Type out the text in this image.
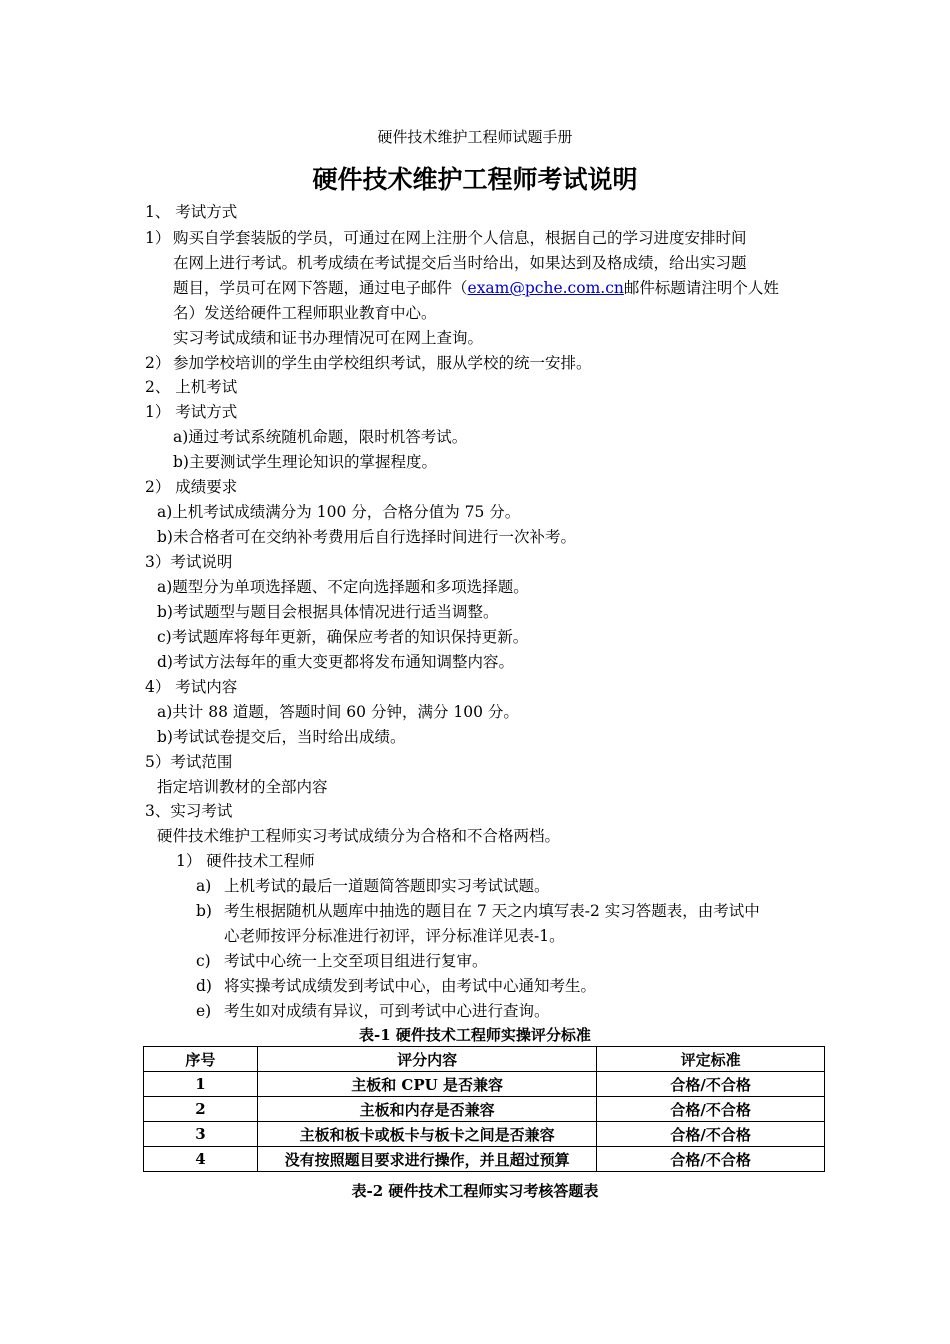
硬件技术维护工程师试题手册
硬件技术维护工程师考试说明
1、 考试方式
1） 购买自学套装版的学员，可通过在网上注册个人信息，根据自己的学习进度安排时间
在网上进行考试。机考成绩在考试提交后当时给出，如果达到及格成绩，给出实习题
题目，学员可在网下答题，通过电子邮件（exam@pche.com.cn邮件标题请注明个人姓
名）发送给硬件工程师职业教育中心。
实习考试成绩和证书办理情况可在网上查询。
2） 参加学校培训的学生由学校组织考试，服从学校的统一安排。
2、 上机考试
1） 考试方式
a)通过考试系统随机命题，限时机答考试。
b)主要测试学生理论知识的掌握程度。
2） 成绩要求
a)上机考试成绩满分为 100 分，合格分值为 75 分。
b)未合格者可在交纳补考费用后自行选择时间进行一次补考。
3）考试说明
a)题型分为单项选择题、不定向选择题和多项选择题。
b)考试题型与题目会根据具体情况进行适当调整。
c)考试题库将每年更新，确保应考者的知识保持更新。
d)考试方法每年的重大变更都将发布通知调整内容。
4） 考试内容
a)共计 88 道题，答题时间 60 分钟，满分 100 分。
b)考试试卷提交后，当时给出成绩。
5）考试范围
指定培训教材的全部内容
3、实习考试
硬件技术维护工程师实习考试成绩分为合格和不合格两档。
1） 硬件技术工程师
a) 上机考试的最后一道题简答题即实习考试试题。
b) 考生根据随机从题库中抽选的题目在 7 天之内填写表-2 实习答题表，由考试中
心老师按评分标准进行初评，评分标准详见表-1。
c) 考试中心统一上交至项目组进行复审。
d) 将实操考试成绩发到考试中心，由考试中心通知考生。
e) 考生如对成绩有异议，可到考试中心进行查询。
表-1 硬件技术工程师实操评分标准
序号	评分内容	评定标准
1	主板和 CPU 是否兼容	合格/不合格
2	主板和内存是否兼容	合格/不合格
3	主板和板卡或板卡与板卡之间是否兼容	合格/不合格
4	没有按照题目要求进行操作，并且超过预算	合格/不合格
表-2 硬件技术工程师实习考核答题表
